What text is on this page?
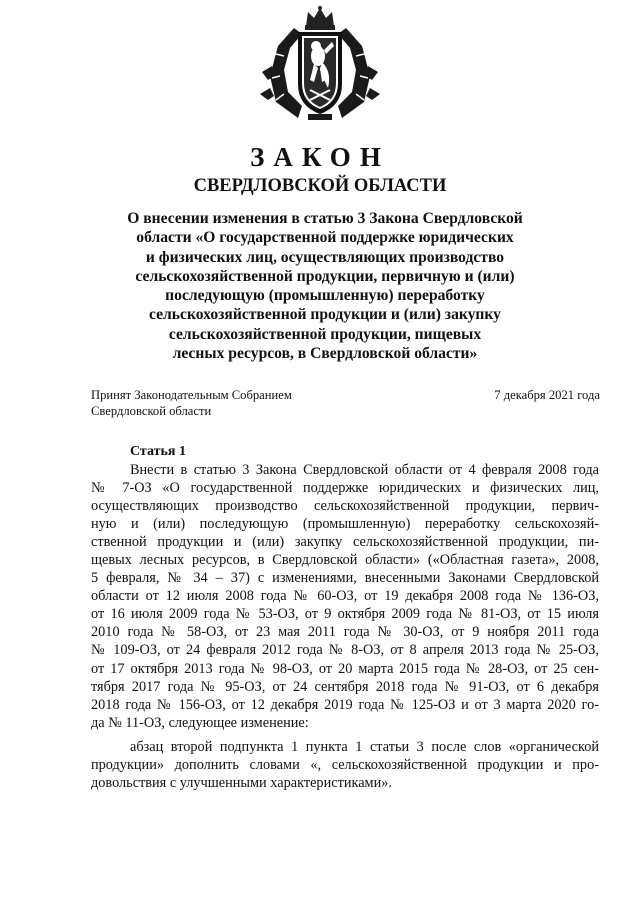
ЗАКОН
СВЕРДЛОВСКОЙ ОБЛАСТИ
О внесении изменения в статью 3 Закона Свердловской
области «О государственной поддержке юридических
и физических лиц, осуществляющих производство
сельскохозяйственной продукции, первичную и (или)
последующую (промышленную) переработку
сельскохозяйственной продукции и (или) закупку
сельскохозяйственной продукции, пищевых
лесных ресурсов, в Свердловской области»
Принят Законодательным Собранием
Свердловской области
7 декабря 2021 года
Статья 1
Внести в статью 3 Закона Свердловской области от 4 февраля 2008 года
№ 7-ОЗ «О государственной поддержке юридических и физических лиц,
осуществляющих производство сельскохозяйственной продукции, первич-
ную и (или) последующую (промышленную) переработку сельскохозяй-
ственной продукции и (или) закупку сельскохозяйственной продукции, пи-
щевых лесных ресурсов, в Свердловской области» («Областная газета», 2008,
5 февраля, № 34 – 37) с изменениями, внесенными Законами Свердловской
области от 12 июля 2008 года № 60-ОЗ, от 19 декабря 2008 года № 136-ОЗ,
от 16 июля 2009 года № 53-ОЗ, от 9 октября 2009 года № 81-ОЗ, от 15 июля
2010 года № 58-ОЗ, от 23 мая 2011 года № 30-ОЗ, от 9 ноября 2011 года
№ 109-ОЗ, от 24 февраля 2012 года № 8-ОЗ, от 8 апреля 2013 года № 25-ОЗ,
от 17 октября 2013 года № 98-ОЗ, от 20 марта 2015 года № 28-ОЗ, от 25 сен-
тября 2017 года № 95-ОЗ, от 24 сентября 2018 года № 91-ОЗ, от 6 декабря
2018 года № 156-ОЗ, от 12 декабря 2019 года № 125-ОЗ и от 3 марта 2020 го-
да № 11-ОЗ, следующее изменение:
абзац второй подпункта 1 пункта 1 статьи 3 после слов «органической
продукции» дополнить словами «, сельскохозяйственной продукции и про-
довольствия с улучшенными характеристиками».
